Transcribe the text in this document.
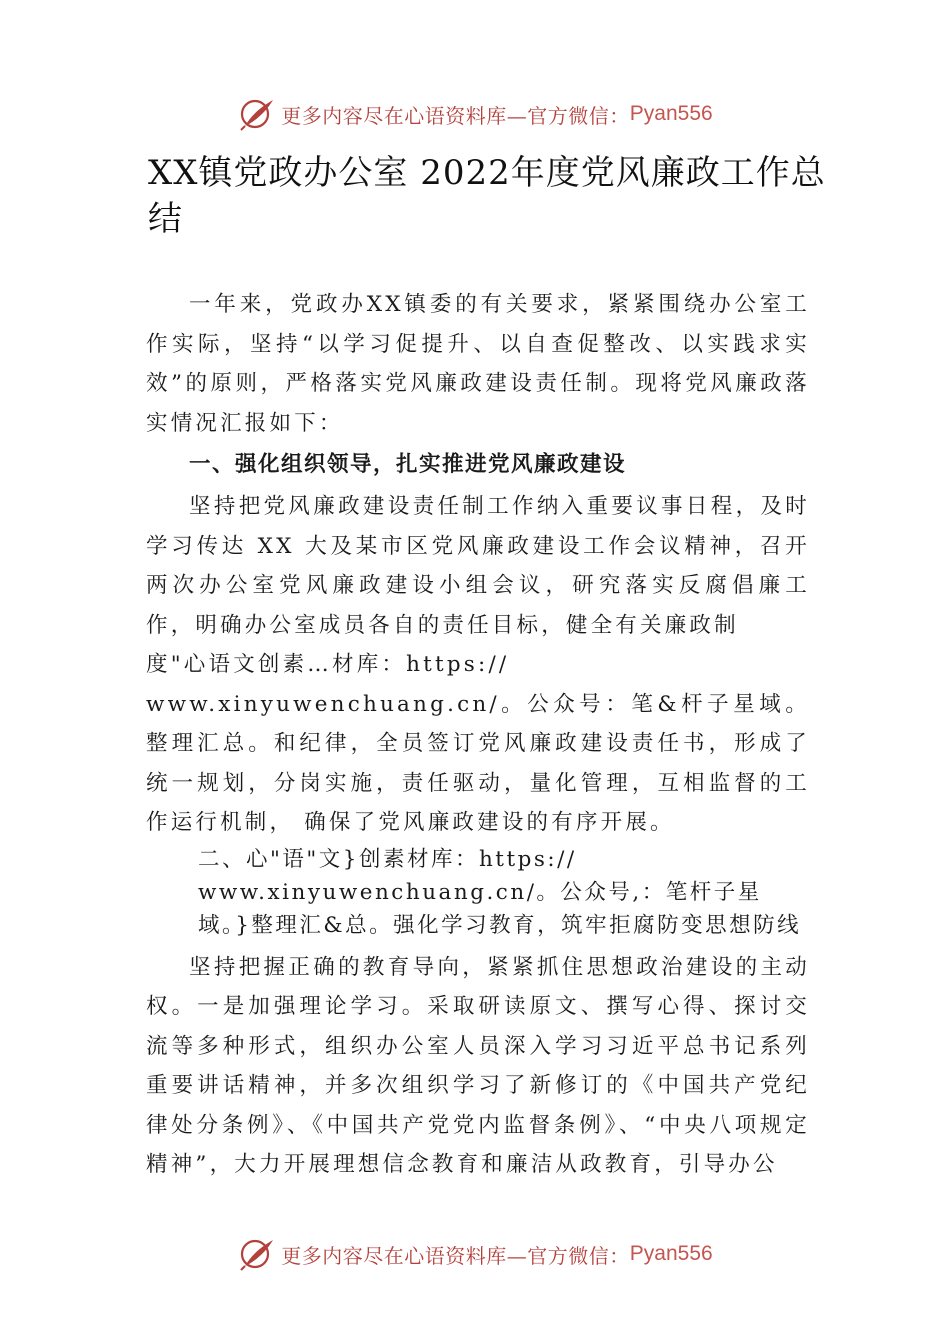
更多内容尽在心语资料库—官方微信： Pyan556
XX镇党政办公室 2022年度党风廉政工作总结

一年来，党政办XX镇委的有关要求，紧紧围绕办公室工作实际，坚持“以学习促提升、以自查促整改、以实践求实效”的原则，严格落实党风廉政建设责任制。现将党风廉政落实情况汇报如下：

一、强化组织领导，扎实推进党风廉政建设

坚持把党风廉政建设责任制工作纳入重要议事日程，及时学习传达 XX 大及某市区党风廉政建设工作会议精神，召开两次办公室党风廉政建设小组会议，研究落实反腐倡廉工作，明确办公室成员各自的责任目标，健全有关廉政制

度"心语文创素…材库：https://

www.xinyuwenchuang.cn/。公众号：笔&杆子星域。整理汇总。和纪律，全员签订党风廉政建设责任书，形成了统一规划，分岗实施，责任驱动，量化管理，互相监督的工作运行机制， 确保了党风廉政建设的有序开展。

二、心"语"文}创素材库：https://

www.xinyuwenchuang.cn/。公众号,：笔杆子星域。}整理汇&总。强化学习教育，筑牢拒腐防变思想防线

坚持把握正确的教育导向，紧紧抓住思想政治建设的主动权。一是加强理论学习。采取研读原文、撰写心得、探讨交流等多种形式，组织办公室人员深入学习习近平总书记系列重要讲话精神，并多次组织学习了新修订的《中国共产党纪律处分条例》、《中国共产党党内监督条例》、“中央八项规定精神”，大力开展理想信念教育和廉洁从政教育，引导办公

更多内容尽在心语资料库—官方微信： Pyan556
